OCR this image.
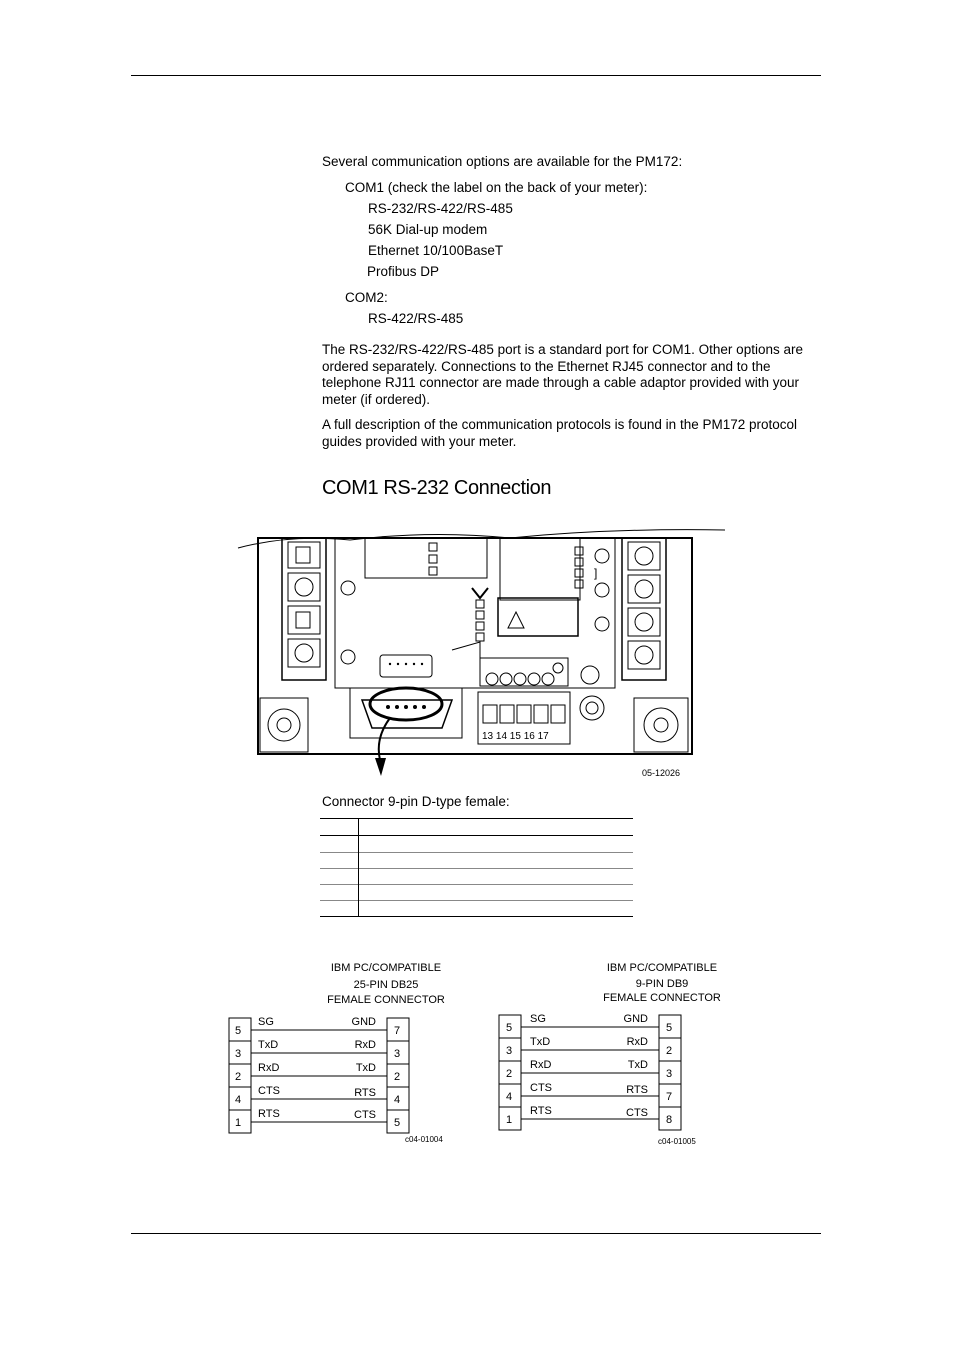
Several communication options are available for the PM172:
COM1 (check the label on the back of your meter):
RS-232/RS-422/RS-485
56K Dial-up modem
Ethernet 10/100BaseT
Profibus DP
COM2:
RS-422/RS-485
The RS-232/RS-422/RS-485 port is a standard port for COM1. Other options are ordered separately. Connections to the Ethernet RJ45 connector and to the telephone RJ11 connector are made through a cable adaptor provided with your meter (if ordered).
A full description of the communication protocols is found in the PM172 protocol guides provided with your meter.
COM1 RS-232 Connection
]
13 14 15 16 17
05-12026
Connector 9-pin D-type female:
IBM PC/COMPATIBLE
25-PIN DB25
FEMALE CONNECTOR
5
3
2
4
1
SG
TxD
RxD
CTS
RTS
GND
RxD
TxD
RTS
CTS
7
3
2
4
5
c04-01004
IBM PC/COMPATIBLE
9-PIN DB9
FEMALE CONNECTOR
5
3
2
4
1
SG
TxD
RxD
CTS
RTS
GND
RxD
TxD
RTS
CTS
5
2
3
7
8
c04-01005
